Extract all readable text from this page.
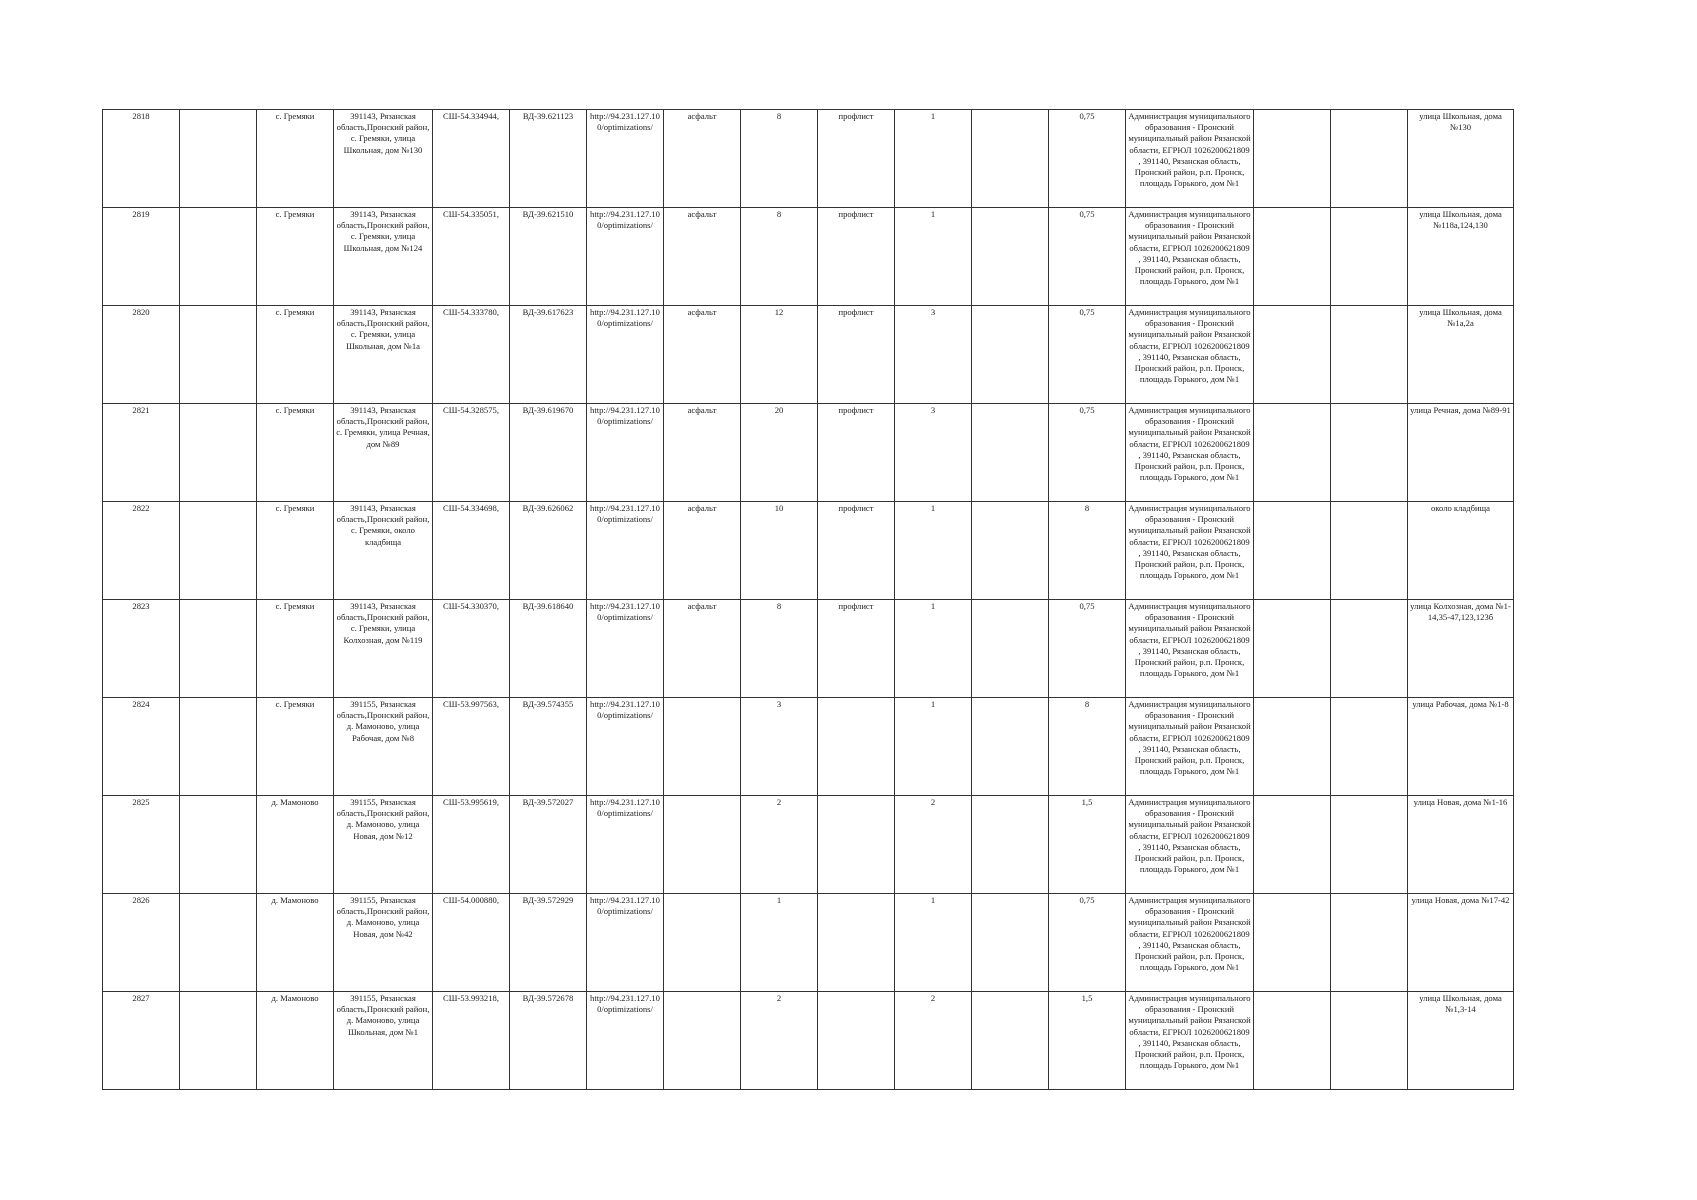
2818		с. Гремяки	391143, Рязанская область,Пронский район, с. Гремяки, улица Школьная, дом №130	СШ-54.334944,	ВД-39.621123	http://94.231.127.10 0/optimizations/	асфальт	8	профлист	1		0,75	Администрация муниципального образования - Пронский муниципальный район Рязанской области, ЕГРЮЛ 1026200621809 , 391140, Рязанская область, Пронский район, р.п. Пронск, площадь Горького, дом №1			улица Школьная, дома №130
2819		с. Гремяки	391143, Рязанская область,Пронский район, с. Гремяки, улица Школьная, дом №124	СШ-54.335051,	ВД-39.621510	http://94.231.127.10 0/optimizations/	асфальт	8	профлист	1		0,75	Администрация муниципального образования - Пронский муниципальный район Рязанской области, ЕГРЮЛ 1026200621809 , 391140, Рязанская область, Пронский район, р.п. Пронск, площадь Горького, дом №1			улица Школьная, дома №118а,124,130
2820		с. Гремяки	391143, Рязанская область,Пронский район, с. Гремяки, улица Школьная, дом №1а	СШ-54.333780,	ВД-39.617623	http://94.231.127.10 0/optimizations/	асфальт	12	профлист	3		0,75	Администрация муниципального образования - Пронский муниципальный район Рязанской области, ЕГРЮЛ 1026200621809 , 391140, Рязанская область, Пронский район, р.п. Пронск, площадь Горького, дом №1			улица Школьная, дома №1а,2а
2821		с. Гремяки	391143, Рязанская область,Пронский район, с. Гремяки, улица Речная, дом №89	СШ-54.328575,	ВД-39.619670	http://94.231.127.10 0/optimizations/	асфальт	20	профлист	3		0,75	Администрация муниципального образования - Пронский муниципальный район Рязанской области, ЕГРЮЛ 1026200621809 , 391140, Рязанская область, Пронский район, р.п. Пронск, площадь Горького, дом №1			улица Речная, дома №89-91
2822		с. Гремяки	391143, Рязанская область,Пронский район, с. Гремяки, около кладбища	СШ-54.334698,	ВД-39.626062	http://94.231.127.10 0/optimizations/	асфальт	10	профлист	1		8	Администрация муниципального образования - Пронский муниципальный район Рязанской области, ЕГРЮЛ 1026200621809 , 391140, Рязанская область, Пронский район, р.п. Пронск, площадь Горького, дом №1			около кладбища
2823		с. Гремяки	391143, Рязанская область,Пронский район, с. Гремяки, улица Колхозная, дом №119	СШ-54.330370,	ВД-39.618640	http://94.231.127.10 0/optimizations/	асфальт	8	профлист	1		0,75	Администрация муниципального образования - Пронский муниципальный район Рязанской области, ЕГРЮЛ 1026200621809 , 391140, Рязанская область, Пронский район, р.п. Пронск, площадь Горького, дом №1			улица Колхозная, дома №1-14,35-47,123,123б
2824		с. Гремяки	391155, Рязанская область,Пронский район, д. Мамоново, улица Рабочая, дом №8	СШ-53.997563,	ВД-39.574355	http://94.231.127.10 0/optimizations/		3		1		8	Администрация муниципального образования - Пронский муниципальный район Рязанской области, ЕГРЮЛ 1026200621809 , 391140, Рязанская область, Пронский район, р.п. Пронск, площадь Горького, дом №1			улица Рабочая, дома №1-8
2825		д. Мамоново	391155, Рязанская область,Пронский район, д. Мамоново, улица Новая, дом №12	СШ-53.995619,	ВД-39.572027	http://94.231.127.10 0/optimizations/		2		2		1,5	Администрация муниципального образования - Пронский муниципальный район Рязанской области, ЕГРЮЛ 1026200621809 , 391140, Рязанская область, Пронский район, р.п. Пронск, площадь Горького, дом №1			улица Новая, дома №1-16
2826		д. Мамоново	391155, Рязанская область,Пронский район, д. Мамоново, улица Новая, дом №42	СШ-54.000880,	ВД-39.572929	http://94.231.127.10 0/optimizations/		1		1		0,75	Администрация муниципального образования - Пронский муниципальный район Рязанской области, ЕГРЮЛ 1026200621809 , 391140, Рязанская область, Пронский район, р.п. Пронск, площадь Горького, дом №1			улица Новая, дома №17-42
2827		д. Мамоново	391155, Рязанская область,Пронский район, д. Мамоново, улица Школьная, дом №1	СШ-53.993218,	ВД-39.572678	http://94.231.127.10 0/optimizations/		2		2		1,5	Администрация муниципального образования - Пронский муниципальный район Рязанской области, ЕГРЮЛ 1026200621809 , 391140, Рязанская область, Пронский район, р.п. Пронск, площадь Горького, дом №1			улица Школьная, дома №1,3-14
